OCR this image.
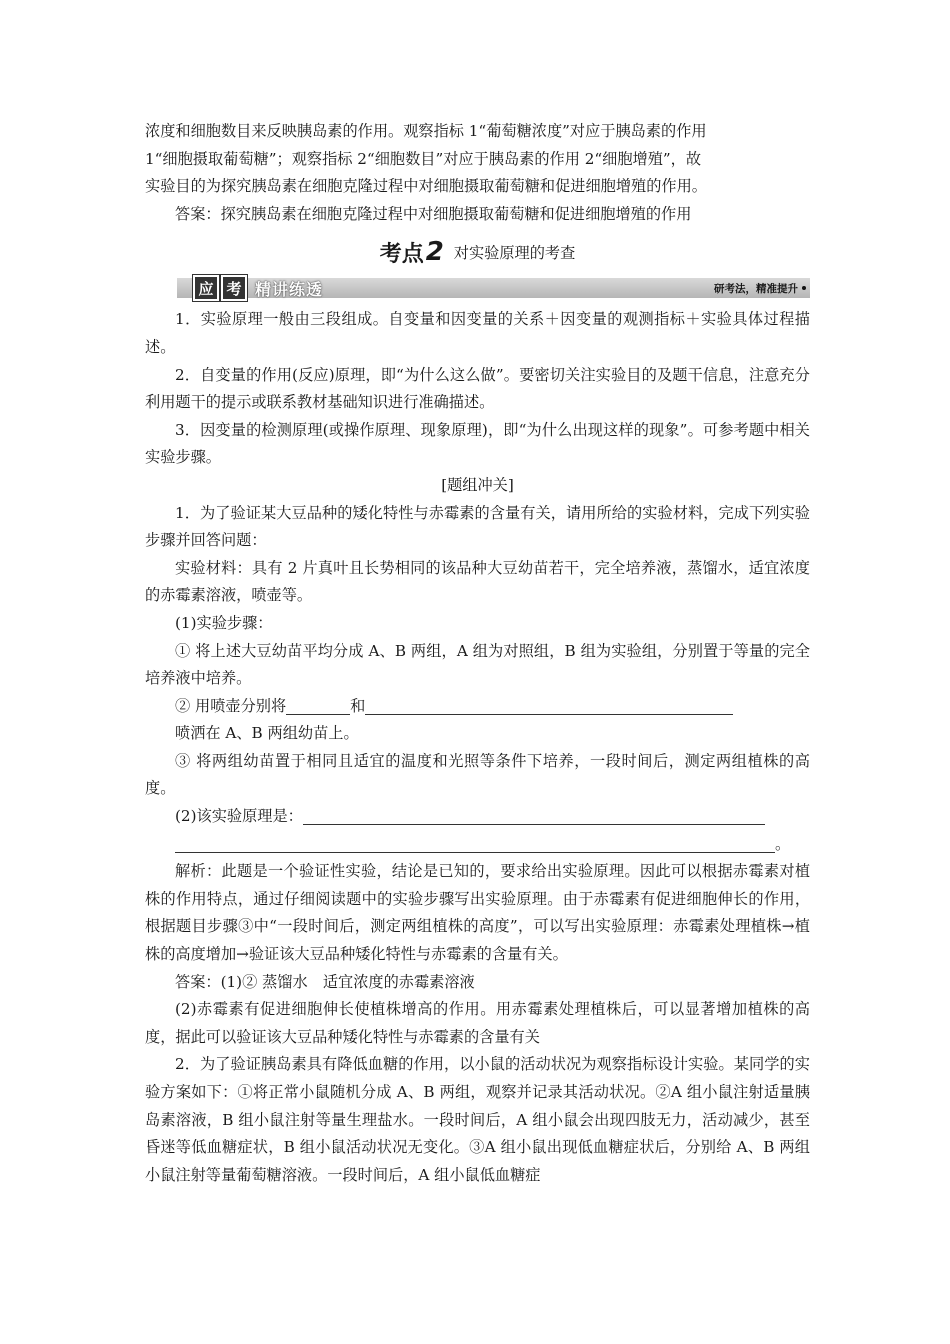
浓度和细胞数目来反映胰岛素的作用。观察指标 1“葡萄糖浓度”对应于胰岛素的作用

1“细胞摄取葡萄糖”；观察指标 2“细胞数目”对应于胰岛素的作用 2“细胞增殖”，故

实验目的为探究胰岛素在细胞克隆过程中对细胞摄取葡萄糖和促进细胞增殖的作用。

答案：探究胰岛素在细胞克隆过程中对细胞摄取葡萄糖和促进细胞增殖的作用

考点 2 对实验原理的考查
应 考 精讲练透	研考法，精准提升

1．实验原理一般由三段组成。自变量和因变量的关系＋因变量的观测指标＋实验具体过程描述。

2．自变量的作用(反应)原理，即“为什么这么做”。要密切关注实验目的及题干信息，注意充分利用题干的提示或联系教材基础知识进行准确描述。

3．因变量的检测原理(或操作原理、现象原理)，即“为什么出现这样的现象”。可参考题中相关实验步骤。

[题组冲关]

1．为了验证某大豆品种的矮化特性与赤霉素的含量有关，请用所给的实验材料，完成下列实验步骤并回答问题：

实验材料：具有 2 片真叶且长势相同的该品种大豆幼苗若干，完全培养液，蒸馏水，适宜浓度的赤霉素溶液，喷壶等。

(1)实验步骤：

① 将上述大豆幼苗平均分成 A、B 两组，A 组为对照组，B 组为实验组，分别置于等量的完全培养液中培养。

② 用喷壶分别将	和

喷洒在 A、B 两组幼苗上。

③ 将两组幼苗置于相同且适宜的温度和光照等条件下培养，一段时间后，测定两组植株的高度。

(2)该实验原理是：

。

解析：此题是一个验证性实验，结论是已知的，要求给出实验原理。因此可以根据赤霉素对植株的作用特点，通过仔细阅读题中的实验步骤写出实验原理。由于赤霉素有促进细胞伸长的作用，根据题目步骤③中“一段时间后，测定两组植株的高度”，可以写出实验原理：赤霉素处理植株→植株的高度增加→验证该大豆品种矮化特性与赤霉素的含量有关。

答案：(1)② 蒸馏水　适宜浓度的赤霉素溶液

(2)赤霉素有促进细胞伸长使植株增高的作用。用赤霉素处理植株后，可以显著增加植株的高度，据此可以验证该大豆品种矮化特性与赤霉素的含量有关

2．为了验证胰岛素具有降低血糖的作用，以小鼠的活动状况为观察指标设计实验。某同学的实验方案如下：①将正常小鼠随机分成 A、B 两组，观察并记录其活动状况。②A 组小鼠注射适量胰岛素溶液，B 组小鼠注射等量生理盐水。一段时间后，A 组小鼠会出现四肢无力，活动减少，甚至昏迷等低血糖症状，B 组小鼠活动状况无变化。③A 组小鼠出现低血糖症状后，分别给 A、B 两组小鼠注射等量葡萄糖溶液。一段时间后，A 组小鼠低血糖症
